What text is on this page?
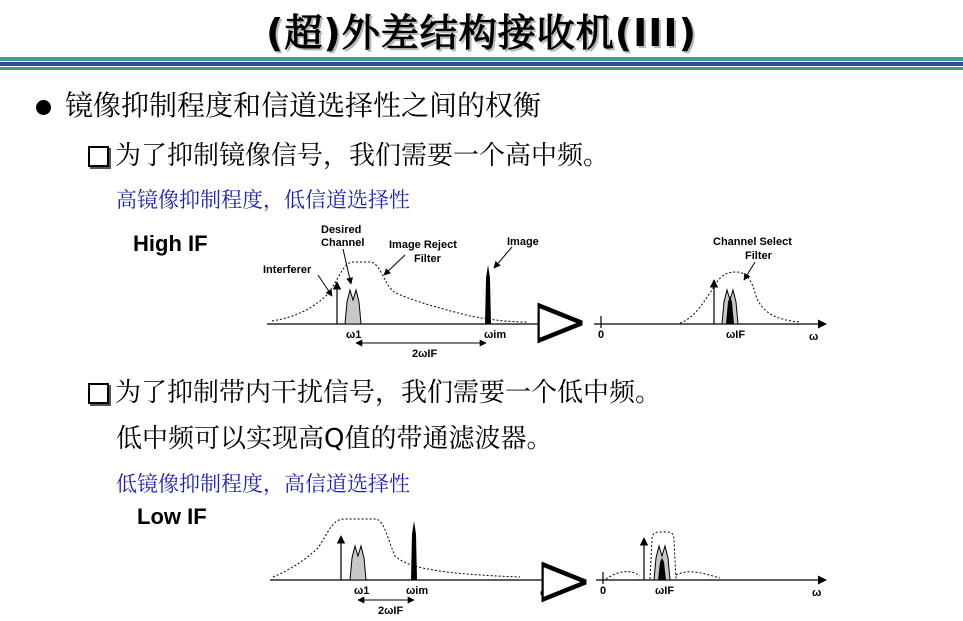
(超)外差结构接收机(III)
镜像抑制程度和信道选择性之间的权衡
为了抑制镜像信号，我们需要一个高中频。
高镜像抑制程度，低信道选择性
High IF
为了抑制带内干扰信号，我们需要一个低中频。
低中频可以实现高Q值的带通滤波器。
低镜像抑制程度，高信道选择性
Low IF
Desired
Channel Image Reject
Filter
Interferer
Image
ω1	ωim
2ωIF
ω
Channel Select
Filter
0	ωIF	ω
ω1	ωim
2ωIF
ω	0	ωIF	ω
